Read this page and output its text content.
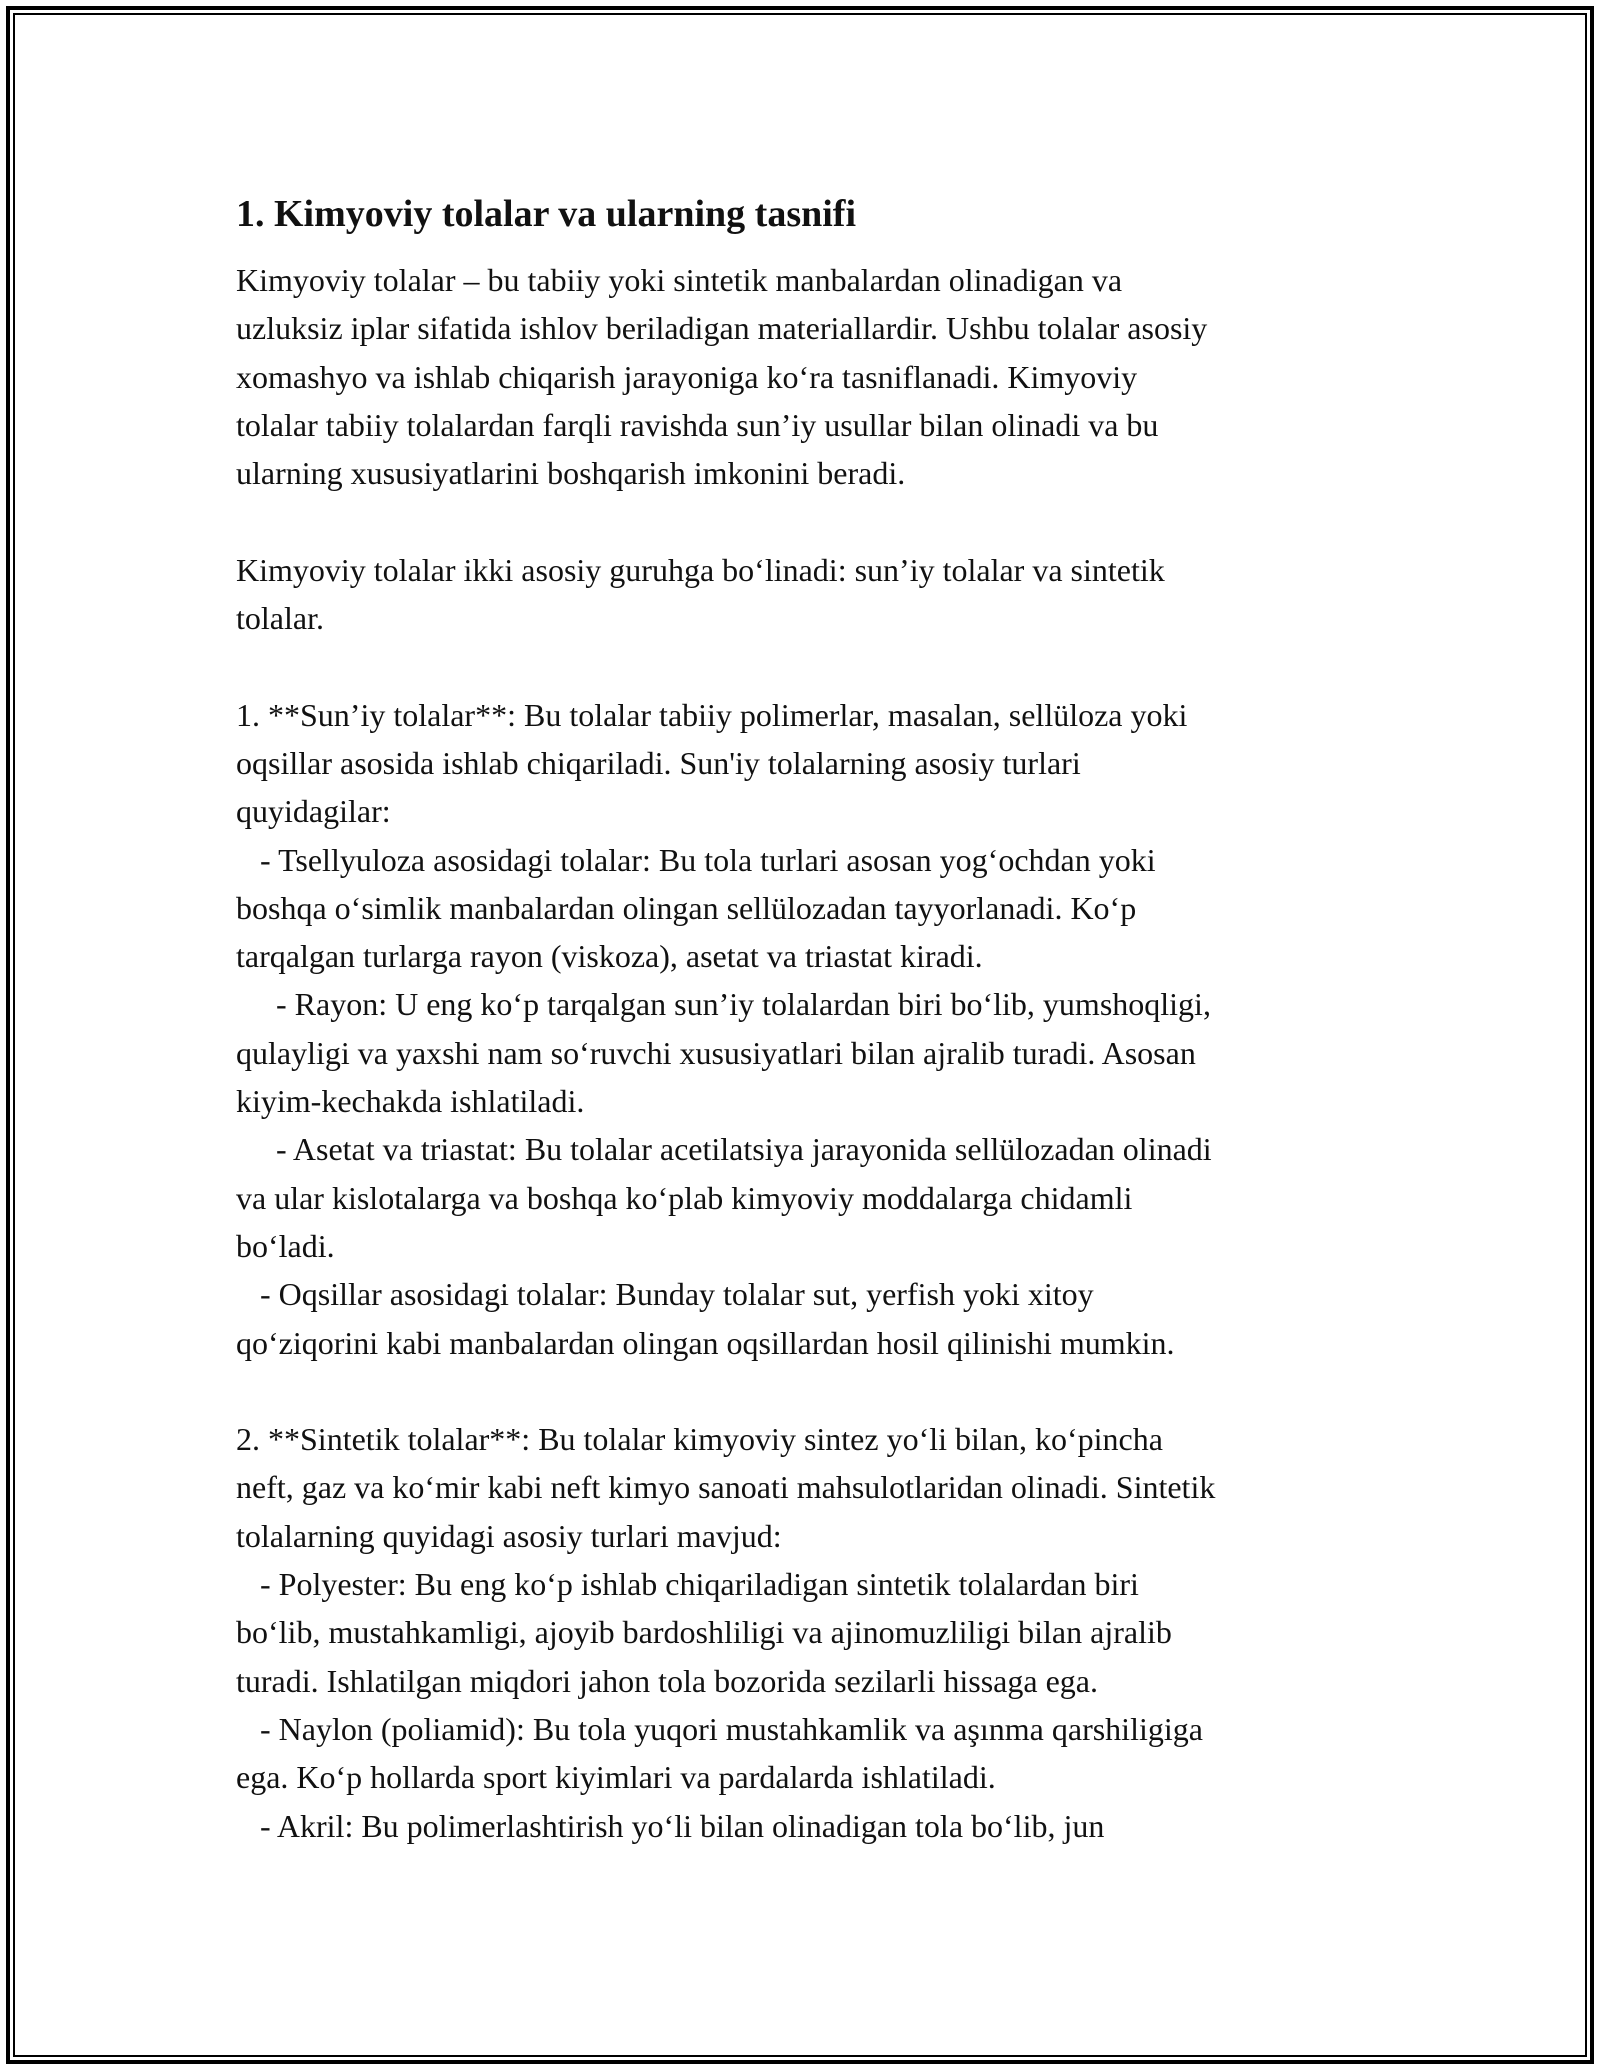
1. Kimyoviy tolalar va ularning tasnifi
Kimyoviy tolalar – bu tabiiy yoki sintetik manbalardan olinadigan va
uzluksiz iplar sifatida ishlov beriladigan materiallardir. Ushbu tolalar asosiy
xomashyo va ishlab chiqarish jarayoniga ko‘ra tasniflanadi. Kimyoviy
tolalar tabiiy tolalardan farqli ravishda sun’iy usullar bilan olinadi va bu
ularning xususiyatlarini boshqarish imkonini beradi.
Kimyoviy tolalar ikki asosiy guruhga bo‘linadi: sun’iy tolalar va sintetik
tolalar.
1. **Sun’iy tolalar**: Bu tolalar tabiiy polimerlar, masalan, sellüloza yoki
oqsillar asosida ishlab chiqariladi. Sun'iy tolalarning asosiy turlari
quyidagilar:
- Tsellyuloza asosidagi tolalar: Bu tola turlari asosan yog‘ochdan yoki
boshqa o‘simlik manbalardan olingan sellülozadan tayyorlanadi. Ko‘p
tarqalgan turlarga rayon (viskoza), asetat va triastat kiradi.
- Rayon: U eng ko‘p tarqalgan sun’iy tolalardan biri bo‘lib, yumshoqligi,
qulayligi va yaxshi nam so‘ruvchi xususiyatlari bilan ajralib turadi. Asosan
kiyim-kechakda ishlatiladi.
- Asetat va triastat: Bu tolalar acetilatsiya jarayonida sellülozadan olinadi
va ular kislotalarga va boshqa ko‘plab kimyoviy moddalarga chidamli
bo‘ladi.
- Oqsillar asosidagi tolalar: Bunday tolalar sut, yerfish yoki xitoy
qo‘ziqorini kabi manbalardan olingan oqsillardan hosil qilinishi mumkin.
2. **Sintetik tolalar**: Bu tolalar kimyoviy sintez yo‘li bilan, ko‘pincha
neft, gaz va ko‘mir kabi neft kimyo sanoati mahsulotlaridan olinadi. Sintetik
tolalarning quyidagi asosiy turlari mavjud:
- Polyester: Bu eng ko‘p ishlab chiqariladigan sintetik tolalardan biri
bo‘lib, mustahkamligi, ajoyib bardoshliligi va ajinomuzliligi bilan ajralib
turadi. Ishlatilgan miqdori jahon tola bozorida sezilarli hissaga ega.
- Naylon (poliamid): Bu tola yuqori mustahkamlik va aşınma qarshiligiga
ega. Ko‘p hollarda sport kiyimlari va pardalarda ishlatiladi.
- Akril: Bu polimerlashtirish yo‘li bilan olinadigan tola bo‘lib, jun
